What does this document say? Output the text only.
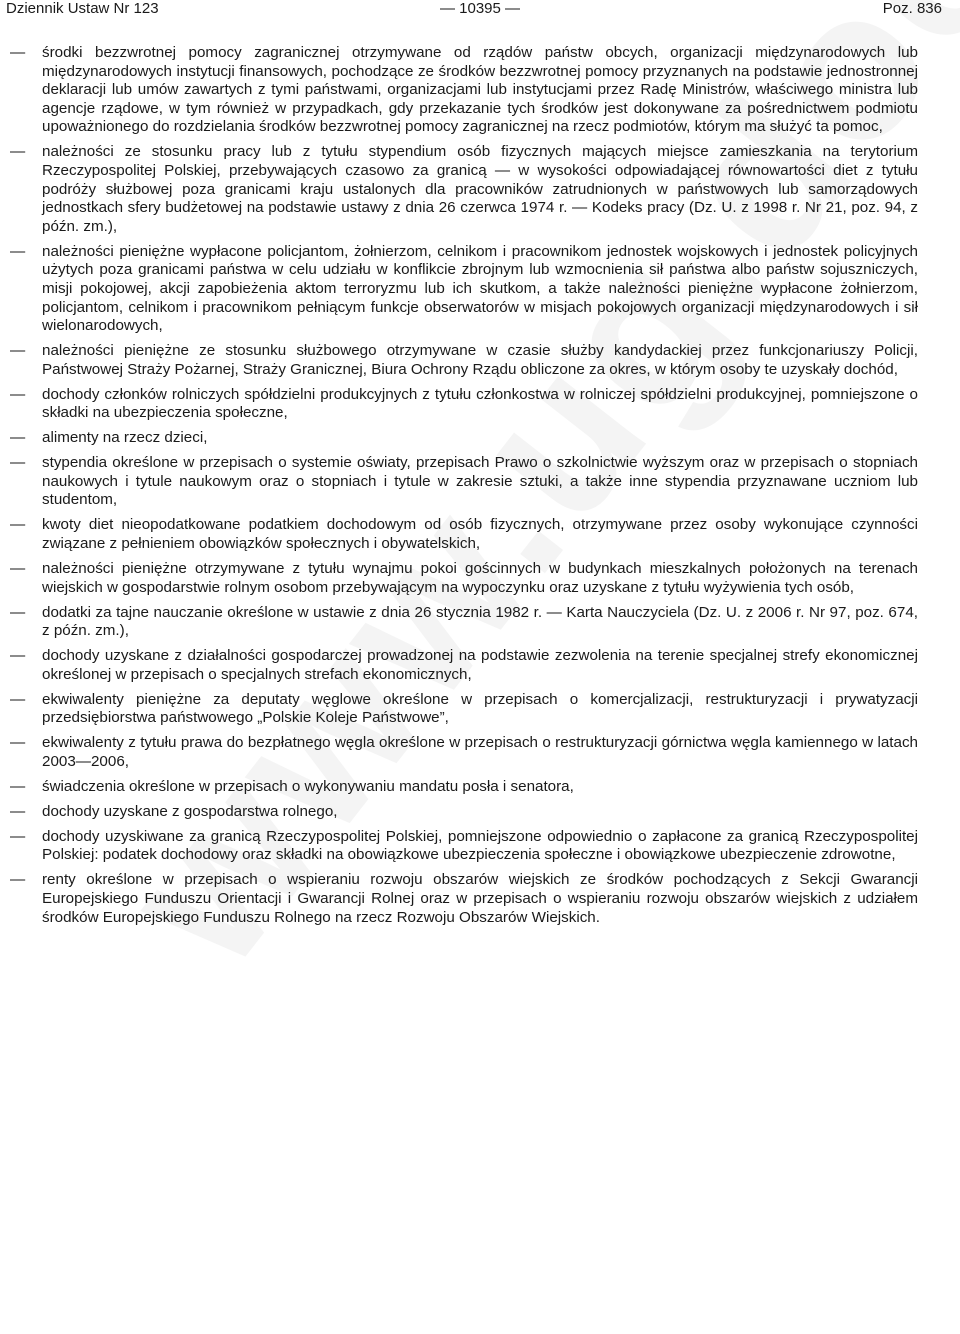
Dziennik Ustaw Nr 123	— 10395 —	Poz. 836
— środki bezzwrotnej pomocy zagranicznej otrzymywane od rządów państw obcych, organizacji międzynarodowych lub międzynarodowych instytucji finansowych, pochodzące ze środków bezzwrotnej pomocy przyznanych na podstawie jednostronnej deklaracji lub umów zawartych z tymi państwami, organizacjami lub instytucjami przez Radę Ministrów, właściwego ministra lub agencje rządowe, w tym również w przypadkach, gdy przekazanie tych środków jest dokonywane za pośrednictwem podmiotu upoważnionego do rozdzielania środków bezzwrotnej pomocy zagranicznej na rzecz podmiotów, którym ma służyć ta pomoc,
— należności ze stosunku pracy lub z tytułu stypendium osób fizycznych mających miejsce zamieszkania na terytorium Rzeczypospolitej Polskiej, przebywających czasowo za granicą — w wysokości odpowiadającej równowartości diet z tytułu podróży służbowej poza granicami kraju ustalonych dla pracowników zatrudnionych w państwowych lub samorządowych jednostkach sfery budżetowej na podstawie ustawy z dnia 26 czerwca 1974 r. — Kodeks pracy (Dz. U. z 1998 r. Nr 21, poz. 94, z późn. zm.),
— należności pieniężne wypłacone policjantom, żołnierzom, celnikom i pracownikom jednostek wojskowych i jednostek policyjnych użytych poza granicami państwa w celu udziału w konflikcie zbrojnym lub wzmocnienia sił państwa albo państw sojuszniczych, misji pokojowej, akcji zapobieżenia aktom terroryzmu lub ich skutkom, a także należności pieniężne wypłacone żołnierzom, policjantom, celnikom i pracownikom pełniącym funkcje obserwatorów w misjach pokojowych organizacji międzynarodowych i sił wielonarodowych,
— należności pieniężne ze stosunku służbowego otrzymywane w czasie służby kandydackiej przez funkcjonariuszy Policji, Państwowej Straży Pożarnej, Straży Granicznej, Biura Ochrony Rządu obliczone za okres, w którym osoby te uzyskały dochód,
— dochody członków rolniczych spółdzielni produkcyjnych z tytułu członkostwa w rolniczej spółdzielni produkcyjnej, pomniejszone o składki na ubezpieczenia społeczne,
— alimenty na rzecz dzieci,
— stypendia określone w przepisach o systemie oświaty, przepisach Prawo o szkolnictwie wyższym oraz w przepisach o stopniach naukowych i tytule naukowym oraz o stopniach i tytule w zakresie sztuki, a także inne stypendia przyznawane uczniom lub studentom,
— kwoty diet nieopodatkowane podatkiem dochodowym od osób fizycznych, otrzymywane przez osoby wykonujące czynności związane z pełnieniem obowiązków społecznych i obywatelskich,
— należności pieniężne otrzymywane z tytułu wynajmu pokoi gościnnych w budynkach mieszkalnych położonych na terenach wiejskich w gospodarstwie rolnym osobom przebywającym na wypoczynku oraz uzyskane z tytułu wyżywienia tych osób,
— dodatki za tajne nauczanie określone w ustawie z dnia 26 stycznia 1982 r. — Karta Nauczyciela (Dz. U. z 2006 r. Nr 97, poz. 674, z późn. zm.),
— dochody uzyskane z działalności gospodarczej prowadzonej na podstawie zezwolenia na terenie specjalnej strefy ekonomicznej określonej w przepisach o specjalnych strefach ekonomicznych,
— ekwiwalenty pieniężne za deputaty węglowe określone w przepisach o komercjalizacji, restrukturyzacji i prywatyzacji przedsiębiorstwa państwowego „Polskie Koleje Państwowe”,
— ekwiwalenty z tytułu prawa do bezpłatnego węgla określone w przepisach o restrukturyzacji górnictwa węgla kamiennego w latach 2003—2006,
— świadczenia określone w przepisach o wykonywaniu mandatu posła i senatora,
— dochody uzyskane z gospodarstwa rolnego,
— dochody uzyskiwane za granicą Rzeczypospolitej Polskiej, pomniejszone odpowiednio o zapłacone za granicą Rzeczypospolitej Polskiej: podatek dochodowy oraz składki na obowiązkowe ubezpieczenia społeczne i obowiązkowe ubezpieczenie zdrowotne,
— renty określone w przepisach o wspieraniu rozwoju obszarów wiejskich ze środków pochodzących z Sekcji Gwarancji Europejskiego Funduszu Orientacji i Gwarancji Rolnej oraz w przepisach o wspieraniu rozwoju obszarów wiejskich z udziałem środków Europejskiego Funduszu Rolnego na rzecz Rozwoju Obszarów Wiejskich.
